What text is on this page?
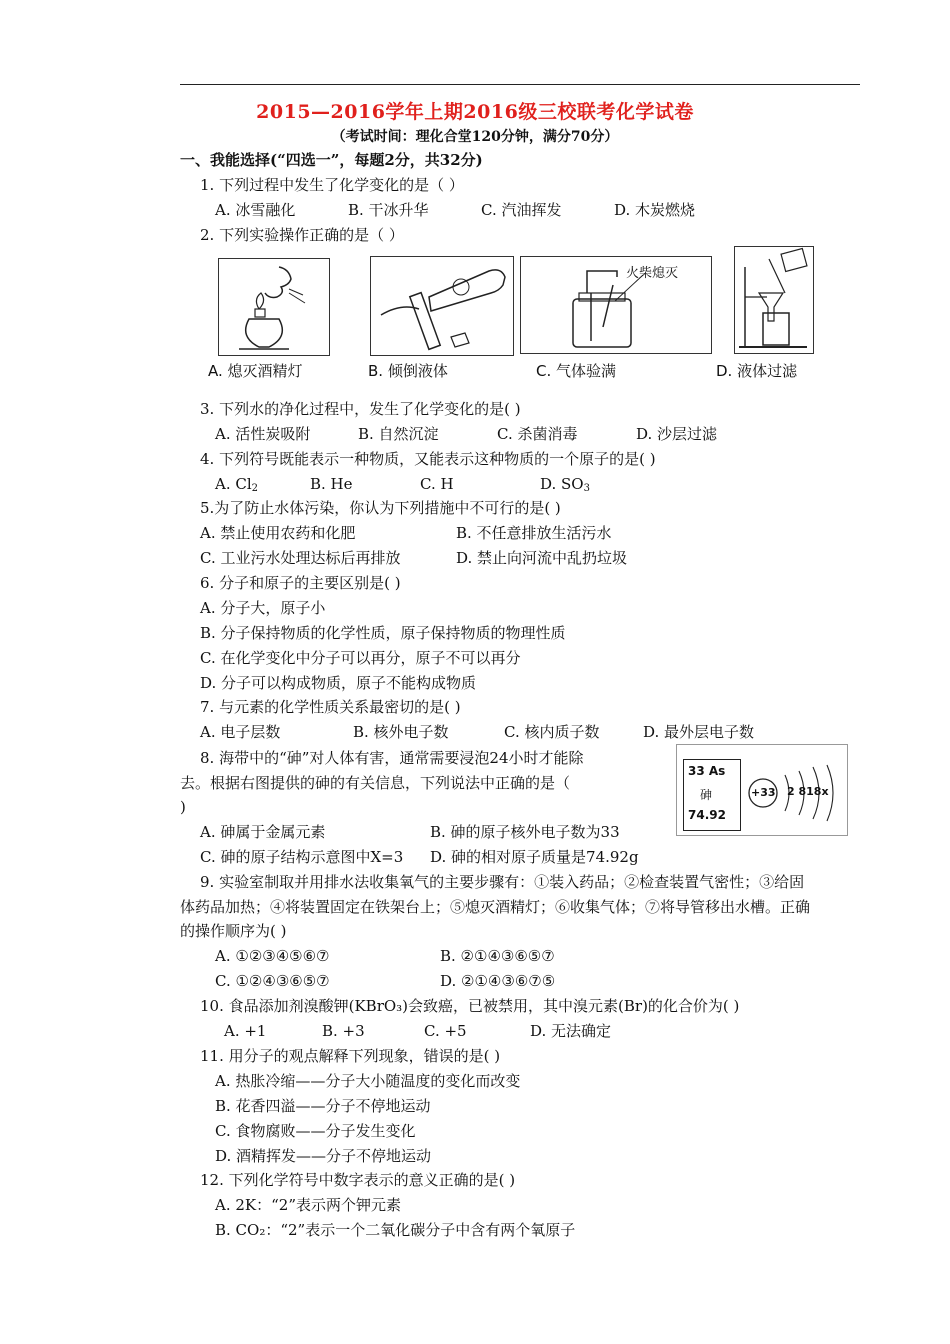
2015—2016学年上期2016级三校联考化学试卷
（考试时间：理化合堂120分钟，满分70分）
一、我能选择(“四选一”，每题2分，共32分)
1. 下列过程中发生了化学变化的是（ ）
A. 冰雪融化	B. 干冰升华	C. 汽油挥发	D. 木炭燃烧
2. 下列实验操作正确的是（ ）
A. 熄灭酒精灯	B. 倾倒液体
火柴熄灭
C. 气体验满	D. 液体过滤
3. 下列水的净化过程中，发生了化学变化的是( )
A. 活性炭吸附	B. 自然沉淀	C. 杀菌消毒	D. 沙层过滤
4. 下列符号既能表示一种物质，又能表示这种物质的一个原子的是( )
A. $Cl_2$	B. He	C. H	D. $SO_3$
5.为了防止水体污染，你认为下列措施中不可行的是( )
A. 禁止使用农药和化肥	B. 不任意排放生活污水
C. 工业污水处理达标后再排放	D. 禁止向河流中乱扔垃圾
6. 分子和原子的主要区别是( )
A. 分子大，原子小
B. 分子保持物质的化学性质，原子保持物质的物理性质
C. 在化学变化中分子可以再分，原子不可以再分
D. 分子可以构成物质，原子不能构成物质
7. 与元素的化学性质关系最密切的是( )
A. 电子层数	B. 核外电子数	C. 核内质子数	D. 最外层电子数
8. 海带中的“砷”对人体有害，通常需要浸泡24小时才能除
去。根据右图提供的砷的有关信息，下列说法中正确的是（
)
33 As
砷
74.92
+33 2 818x
A. 砷属于金属元素	B. 砷的原子核外电子数为33
C. 砷的原子结构示意图中X=3 D. 砷的相对原子质量是74.92g
9. 实验室制取并用排水法收集氧气的主要步骤有：①装入药品；②检查装置气密性；③给固
体药品加热；④将装置固定在铁架台上；⑤熄灭酒精灯；⑥收集气体；⑦将导管移出水槽。正确
的操作顺序为( )
A. ①②③④⑤⑥⑦	B. ②①④③⑥⑤⑦
C. ①②④③⑥⑤⑦	D. ②①④③⑥⑦⑤
10. 食品添加剂溴酸钾(KBrO₃)会致癌，已被禁用，其中溴元素(Br)的化合价为( )
A. +1	B. +3	C. +5	D. 无法确定
11. 用分子的观点解释下列现象，错误的是( )
A. 热胀冷缩——分子大小随温度的变化而改变
B. 花香四溢——分子不停地运动
C. 食物腐败——分子发生变化
D. 酒精挥发——分子不停地运动
12. 下列化学符号中数字表示的意义正确的是( )
A. 2K：“2”表示两个钾元素
B. CO₂：“2”表示一个二氧化碳分子中含有两个氧原子
